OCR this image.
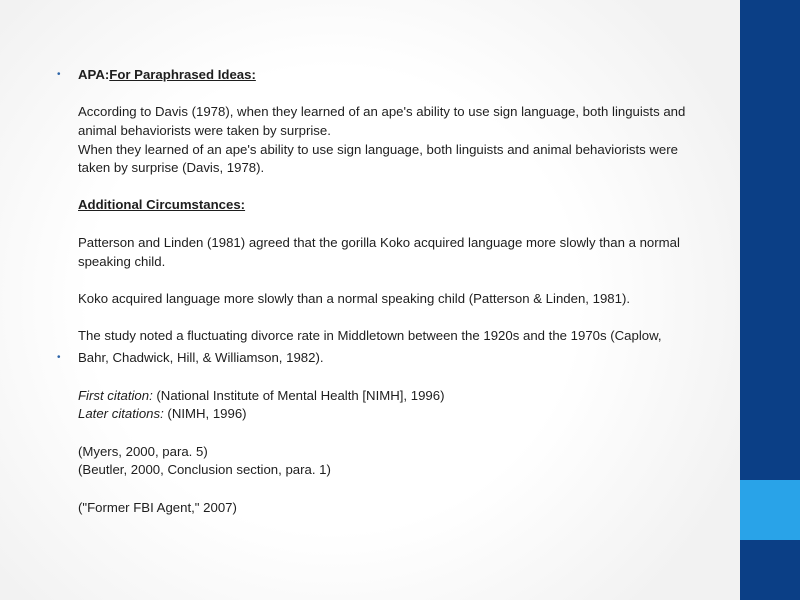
• APA:For Paraphrased Ideas:
According to Davis (1978), when they learned of an ape's ability to use sign language, both linguists and
animal behaviorists were taken by surprise.
When they learned of an ape's ability to use sign language, both linguists and animal behaviorists were
taken by surprise (Davis, 1978).
Additional Circumstances:
Patterson and Linden (1981) agreed that the gorilla Koko acquired language more slowly than a normal
speaking child.
Koko acquired language more slowly than a normal speaking child (Patterson & Linden, 1981).
The study noted a fluctuating divorce rate in Middletown between the 1920s and the 1970s (Caplow,
• Bahr, Chadwick, Hill, & Williamson, 1982).
First citation: (National Institute of Mental Health [NIMH], 1996)
Later citations: (NIMH, 1996)
(Myers, 2000, para. 5)
(Beutler, 2000, Conclusion section, para. 1)
("Former FBI Agent," 2007)
